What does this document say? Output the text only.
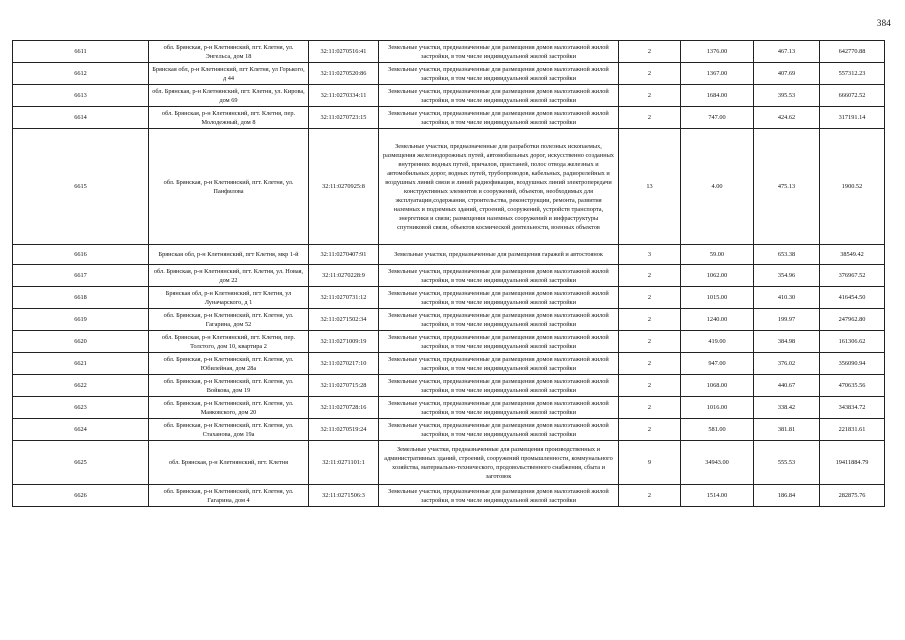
384
6611	обл. Брянская, р-н Клетнянский, пгт. Клетня, ул. Энгельса, дом 18	32:11:0270516:41	Земельные участки, предназначенные для размещения домов малоэтажной жилой застройки, в том числе индивидуальной жилой застройки	2	1376.00	467.13	642770.88
6612	Брянская обл, р-н Клетнянский, пгт Клетня, ул Горького, д 44	32:11:0270520:86	Земельные участки, предназначенные для размещения домов малоэтажной жилой застройки, в том числе индивидуальной жилой застройки	2	1367.00	407.69	557312.23
6613	обл. Брянская, р-н Клетнянский, пгт. Клетня, ул. Кирова, дом 69	32:11:0270334:11	Земельные участки, предназначенные для размещения домов малоэтажной жилой застройки, в том числе индивидуальной жилой застройки	2	1684.00	395.53	666072.52
6614	обл. Брянская, р-н Клетнянский, пгт. Клетня, пер. Молодежный, дом 8	32:11:0270723:15	Земельные участки, предназначенные для размещения домов малоэтажной жилой застройки, в том числе индивидуальной жилой застройки	2	747.00	424.62	317191.14
6615	обл. Брянская, р-н Клетнянский, пгт. Клетня, ул. Панфилова	32:11:0270925:8	Земельные участки, предназначенные для разработки полезных ископаемых, размещения железнодорожных путей, автомобильных дорог, искусственно созданных внутренних водных путей, причалов, пристаней, полос отвода железных и автомобильных дорог, водных путей, трубопроводов, кабельных, радиорелейных и воздушных линий связи и линий радиофикации, воздушных линий электропередачи конструктивных элементов и сооружений, объектов, необходимых для эксплуатации,содержания, строительства, реконструкции, ремонта, развития наземных и подземных зданий, строений, сооружений, устройств транспорта, энергетики и связи; размещения наземных сооружений и инфраструктуры спутниковой связи, объектов космической деятельности, военных объектов	13	4.00	475.13	1900.52
6616	Брянская обл, р-н Клетнянский, пгт Клетня, мкр 1-й	32:11:0270407:91	Земельные участки, предназначенные для размещения гаражей и автостоянок	3	59.00	653.38	38549.42
6617	обл. Брянская, р-н Клетнянский, пгт. Клетня, ул. Новая, дом 22	32:11:0270228:9	Земельные участки, предназначенные для размещения домов малоэтажной жилой застройки, в том числе индивидуальной жилой застройки	2	1062.00	354.96	376967.52
6618	Брянская обл, р-н Клетнянский, пгт Клетня, ул Луначарского, д 1	32:11:0270731:12	Земельные участки, предназначенные для размещения домов малоэтажной жилой застройки, в том числе индивидуальной жилой застройки	2	1015.00	410.30	416454.50
6619	обл. Брянская, р-н Клетнянский, пгт. Клетня, ул. Гагарина, дом 52	32:11:0271502:34	Земельные участки, предназначенные для размещения домов малоэтажной жилой застройки, в том числе индивидуальной жилой застройки	2	1240.00	199.97	247962.80
6620	обл. Брянская, р-н Клетнянский, пгт. Клетня, пер. Толстого, дом 10, квартира 2	32:11:0271009:19	Земельные участки, предназначенные для размещения домов малоэтажной жилой застройки, в том числе индивидуальной жилой застройки	2	419.00	384.98	161306.62
6621	обл. Брянская, р-н Клетнянский, пгт. Клетня, ул. Юбилейная, дом 28а	32:11:0270217:10	Земельные участки, предназначенные для размещения домов малоэтажной жилой застройки, в том числе индивидуальной жилой застройки	2	947.00	376.02	356090.94
6622	обл. Брянская, р-н Клетнянский, пгт. Клетня, ул. Войкова, дом 19	32:11:0270715:28	Земельные участки, предназначенные для размещения домов малоэтажной жилой застройки, в том числе индивидуальной жилой застройки	2	1068.00	440.67	470635.56
6623	обл. Брянская, р-н Клетнянский, пгт. Клетня, ул. Маяковского, дом 20	32:11:0270728:16	Земельные участки, предназначенные для размещения домов малоэтажной жилой застройки, в том числе индивидуальной жилой застройки	2	1016.00	338.42	343834.72
6624	обл. Брянская, р-н Клетнянский, пгт. Клетня, ул. Стаханова, дом 19а	32:11:0270519:24	Земельные участки, предназначенные для размещения домов малоэтажной жилой застройки, в том числе индивидуальной жилой застройки	2	581.00	381.81	221831.61
6625	обл. Брянская, р-н Клетнянский, пгт. Клетня	32:11:0271101:1	Земельные участки, предназначенные для размещения производственных и административных зданий, строений, сооружений промышленности, коммунального хозяйства, материально-технического, продовольственного снабжения, сбыта и заготовок	9	34943.00	555.53	19411884.79
6626	обл. Брянская, р-н Клетнянский, пгт. Клетня, ул. Гагарина, дом 4	32:11:0271506:3	Земельные участки, предназначенные для размещения домов малоэтажной жилой застройки, в том числе индивидуальной жилой застройки	2	1514.00	186.84	282875.76
